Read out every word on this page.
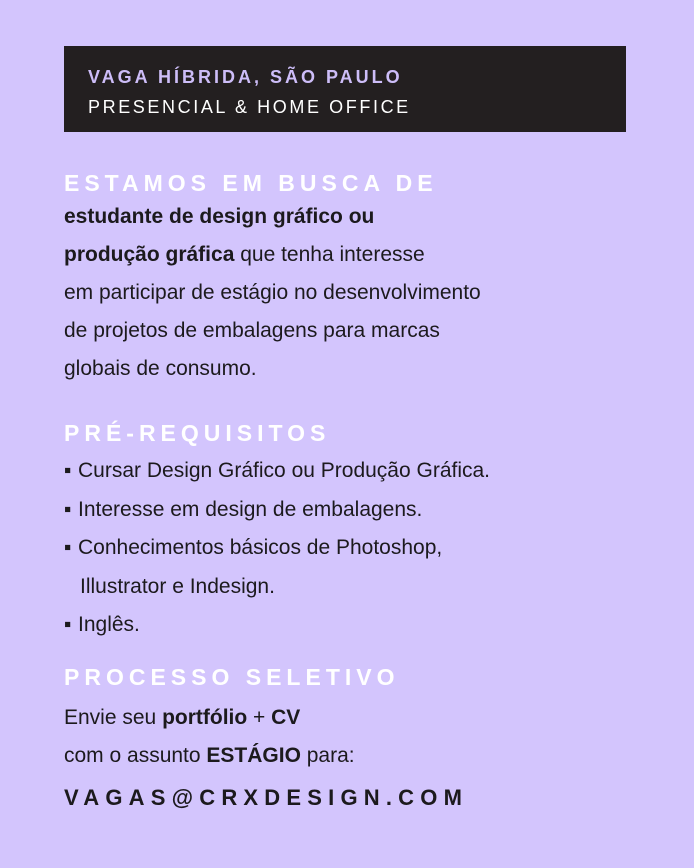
VAGA HÍBRIDA, SÃO PAULO
PRESENCIAL & HOME OFFICE
ESTAMOS EM BUSCA DE
estudante de design gráfico ou
produção gráfica que tenha interesse
em participar de estágio no desenvolvimento
de projetos de embalagens para marcas
globais de consumo.
PRÉ-REQUISITOS
▪ Cursar Design Gráfico ou Produção Gráfica.
▪ Interesse em design de embalagens.
▪ Conhecimentos básicos de Photoshop,
Illustrator e Indesign.
▪ Inglês.
PROCESSO SELETIVO
Envie seu portfólio + CV
com o assunto ESTÁGIO para:
VAGAS@CRXDESIGN.COM
